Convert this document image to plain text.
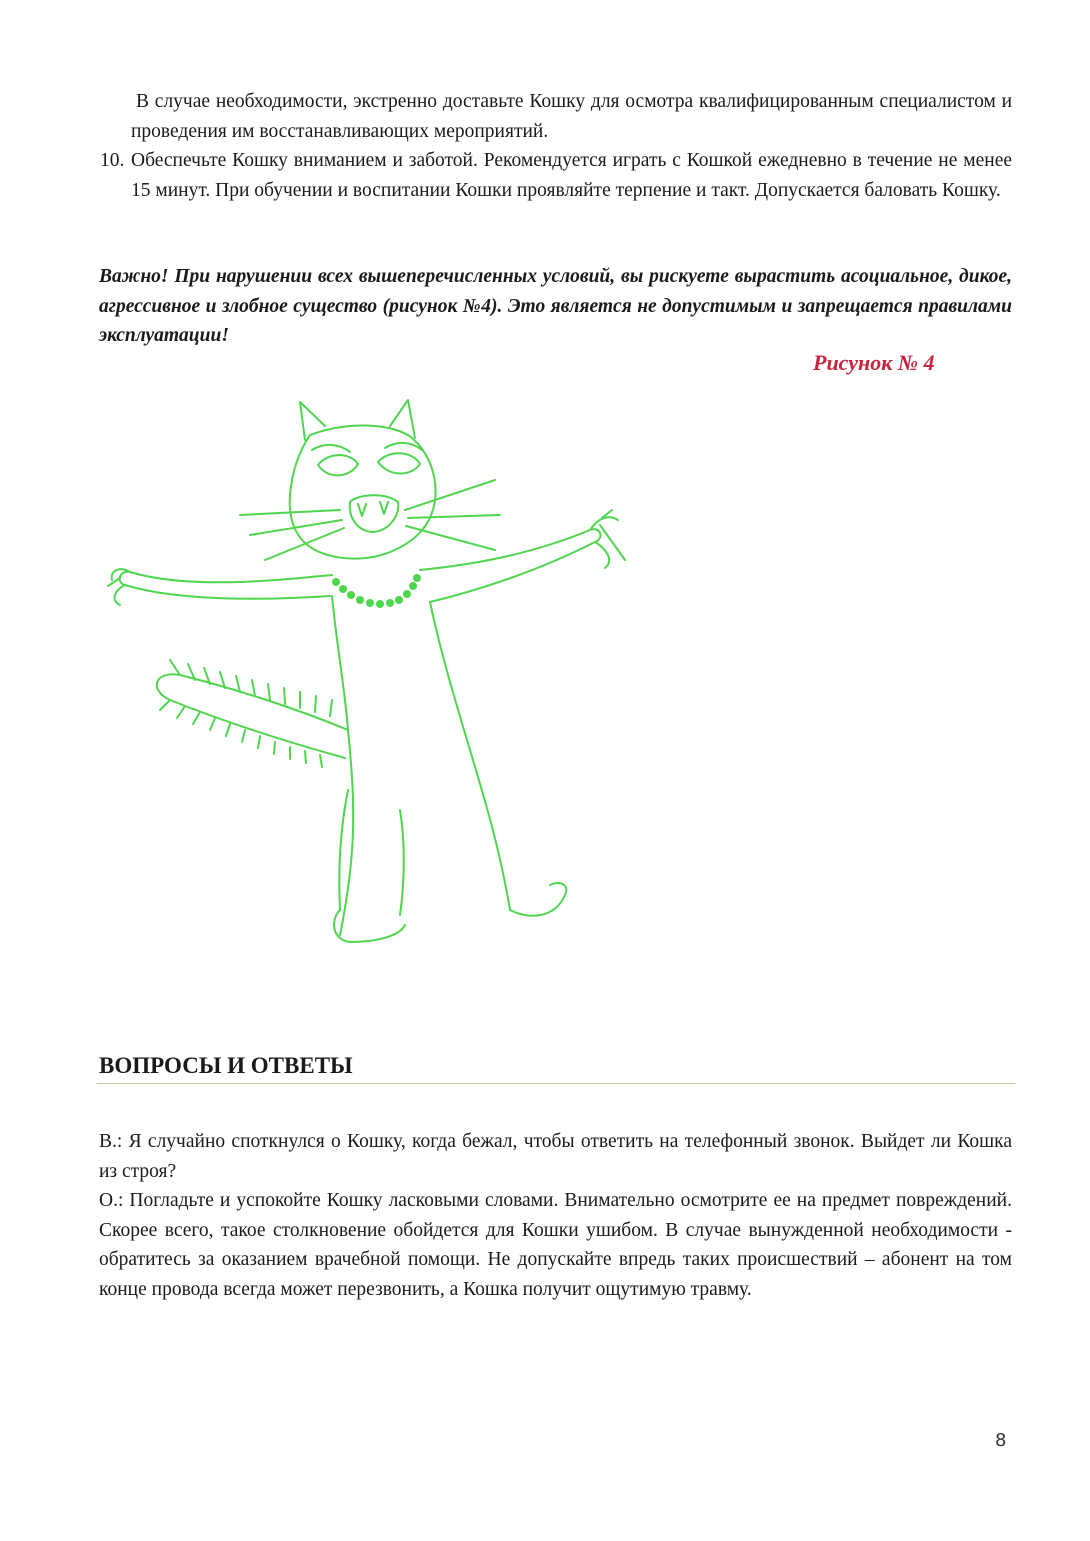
В случае необходимости, экстренно доставьте Кошку для осмотра квалифицированным специалистом и проведения им восстанавливающих мероприятий.
10. Обеспечьте Кошку вниманием и заботой. Рекомендуется играть с Кошкой ежедневно в течение не менее 15 минут. При обучении и воспитании Кошки проявляйте терпение и такт. Допускается баловать Кошку.
Важно! При нарушении всех вышеперечисленных условий, вы рискуете вырастить асоциальное, дикое, агрессивное и злобное существо (рисунок №4). Это является не допустимым и запрещается правилами эксплуатации!
Рисунок № 4
ВОПРОСЫ И ОТВЕТЫ
В.: Я случайно споткнулся о Кошку, когда бежал, чтобы ответить на телефонный звонок. Выйдет ли Кошка из строя?
О.: Погладьте и успокойте Кошку ласковыми словами. Внимательно осмотрите ее на предмет повреждений. Скорее всего, такое столкновение обойдется для Кошки ушибом. В случае вынужденной необходимости - обратитесь за оказанием врачебной помощи. Не допускайте впредь таких происшествий – абонент на том конце провода всегда может перезвонить, а Кошка получит ощутимую травму.
8
